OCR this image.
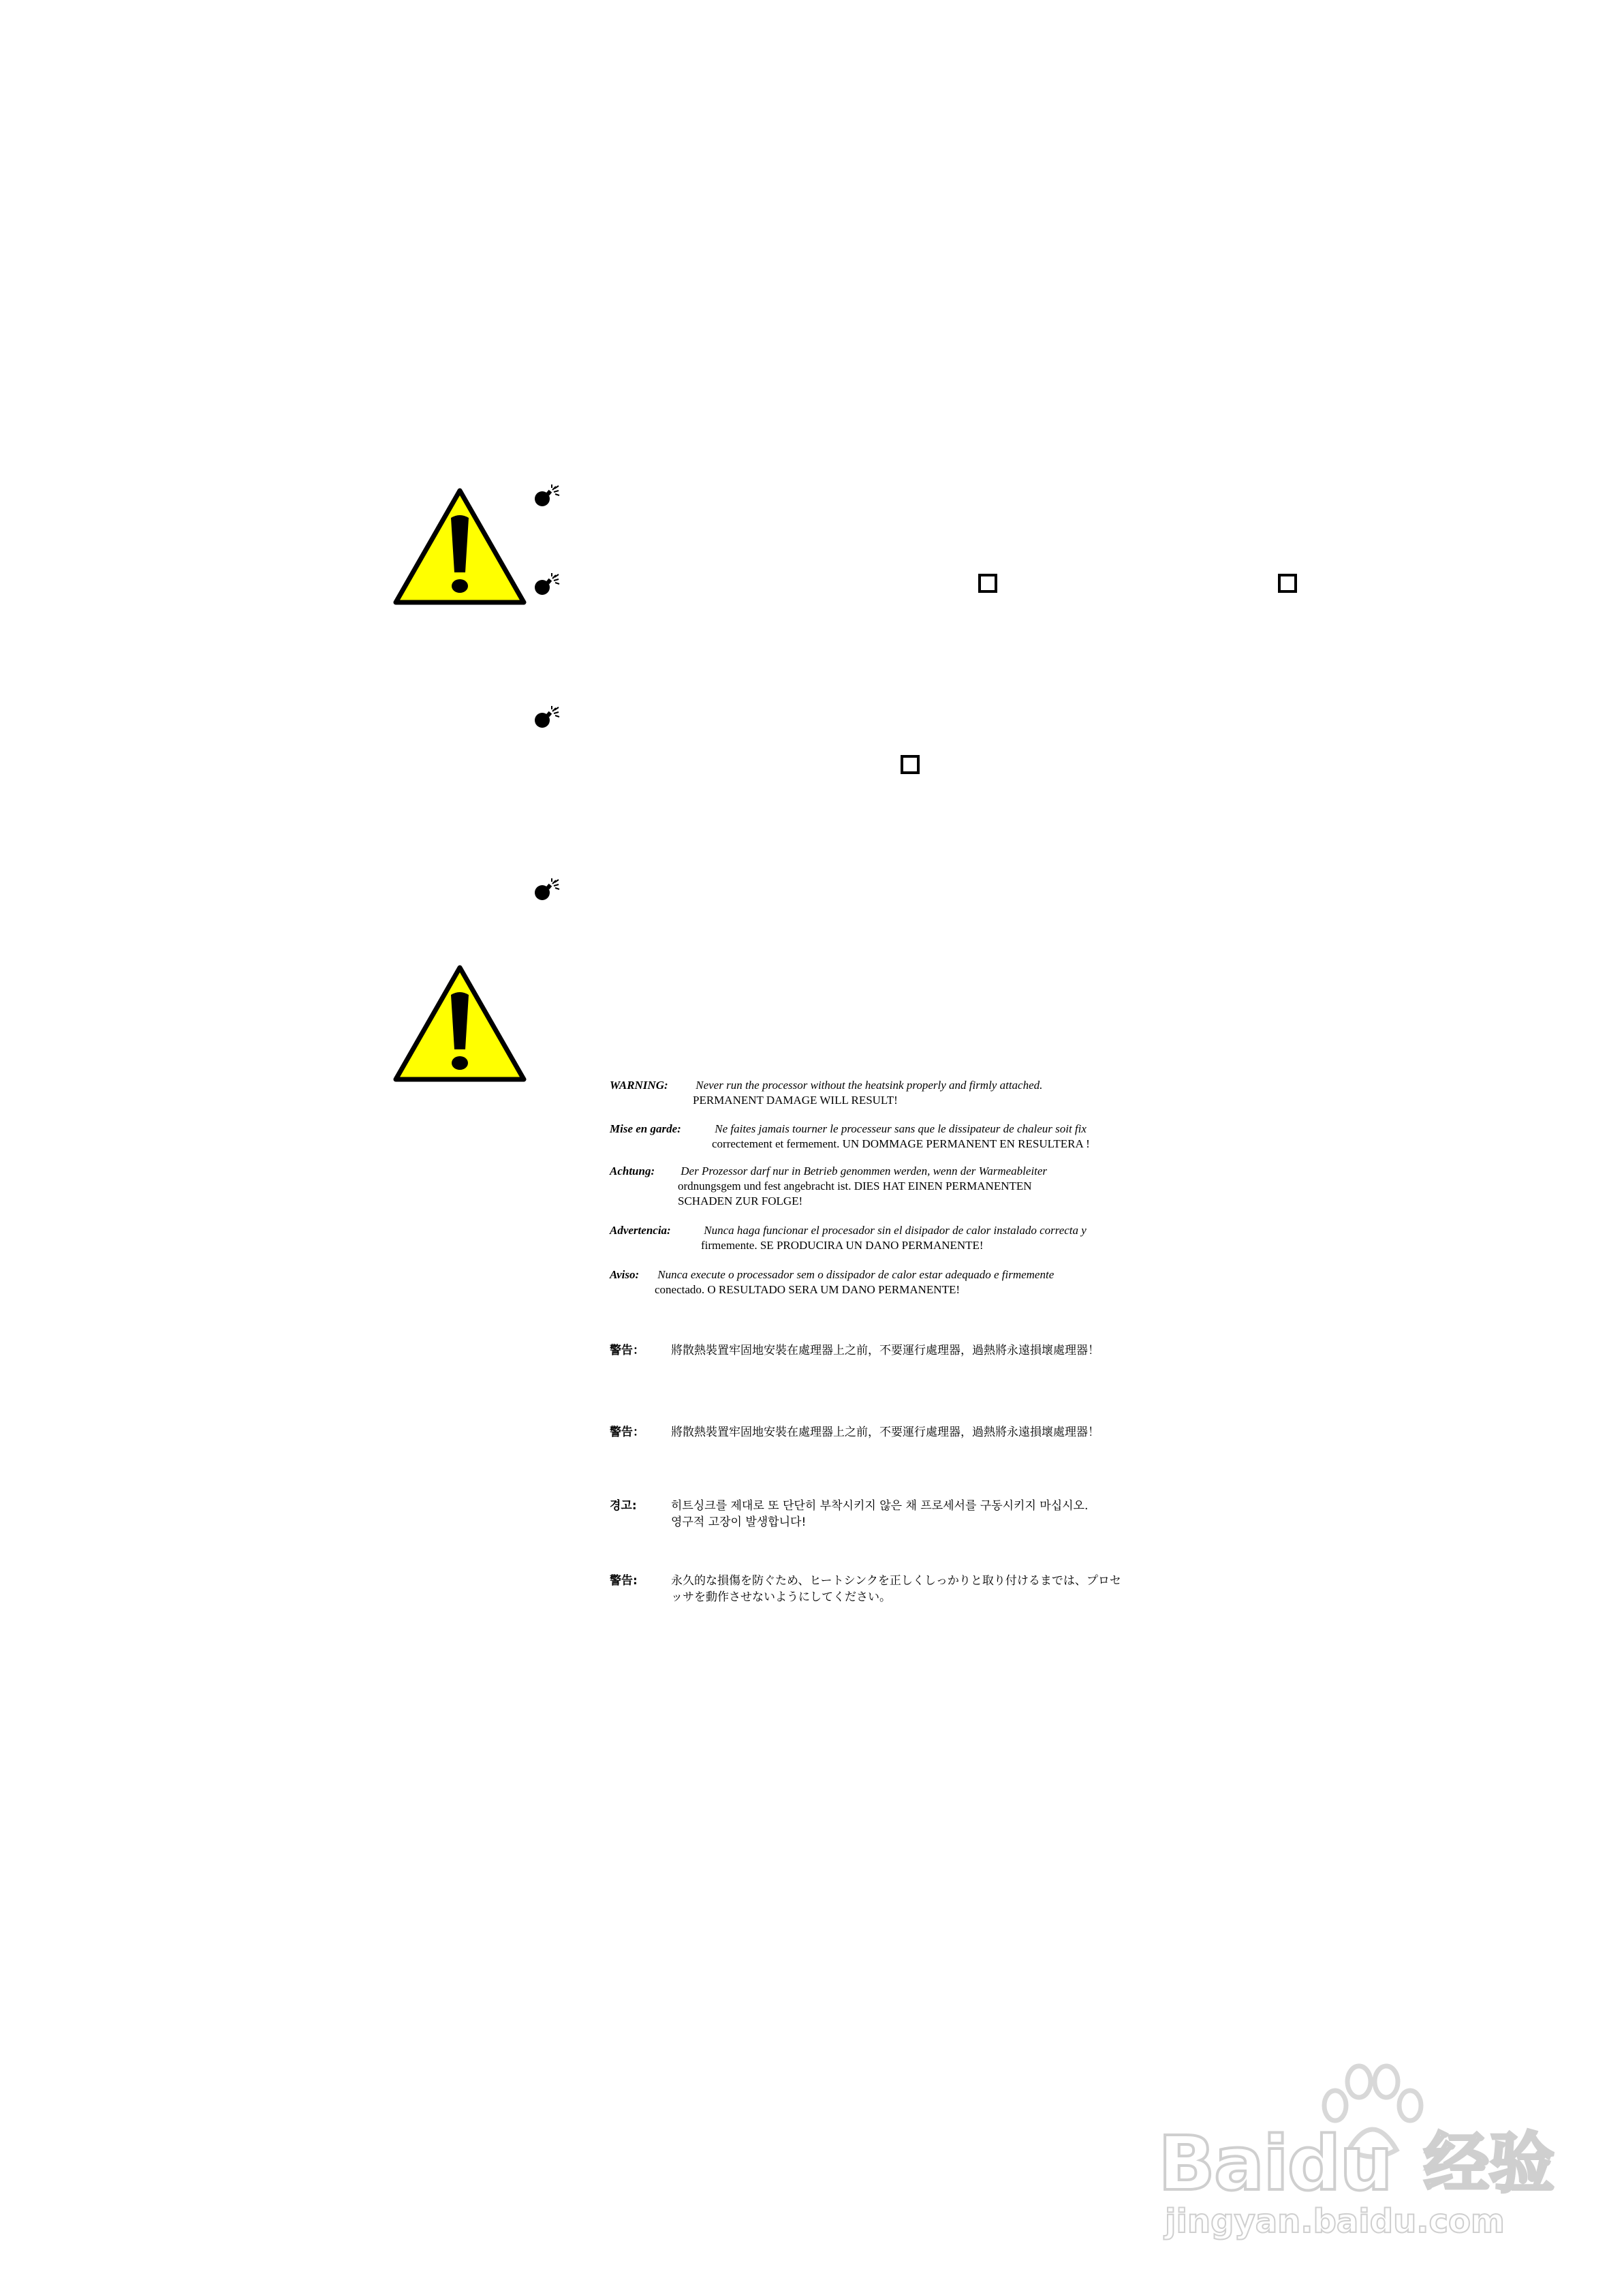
WARNING: Never run the processor without the heatsink properly and firmly attached.
PERMANENT DAMAGE WILL RESULT!
Mise en garde:	Ne faites jamais tourner le processeur sans que le dissipateur de chaleur soit fix
correctement et fermement. UN DOMMAGE PERMANENT EN RESULTERA !
Achtung: Der Prozessor darf nur in Betrieb genommen werden, wenn der Warmeableiter
ordnungsgem und fest angebracht ist. DIES HAT EINEN PERMANENTEN
SCHADEN ZUR FOLGE!
Advertencia:	Nunca haga funcionar el procesador sin el disipador de calor instalado correcta y
firmemente. SE PRODUCIRA UN DANO PERMANENTE!
Aviso: Nunca execute o processador sem o dissipador de calor estar adequado e firmemente
conectado. O RESULTADO SERA UM DANO PERMANENTE!
警告： 將散熱裝置牢固地安裝在處理器上之前，不要運行處理器，過熱將永遠損壞處理器！
警告： 將散熱裝置牢固地安裝在處理器上之前，不要運行處理器，過熱將永遠損壞處理器！
경고:	히트싱크를 제대로 또 단단히 부착시키지 않은 채 프로세서를 구동시키지 마십시오.
영구적 고장이 발생합니다!
警告:	永久的な損傷を防ぐため、ヒートシンクを正しくしっかりと取り付けるまでは、プロセ
ッサを動作させないようにしてください。
Baidu 经验
jingyan.baidu.com
